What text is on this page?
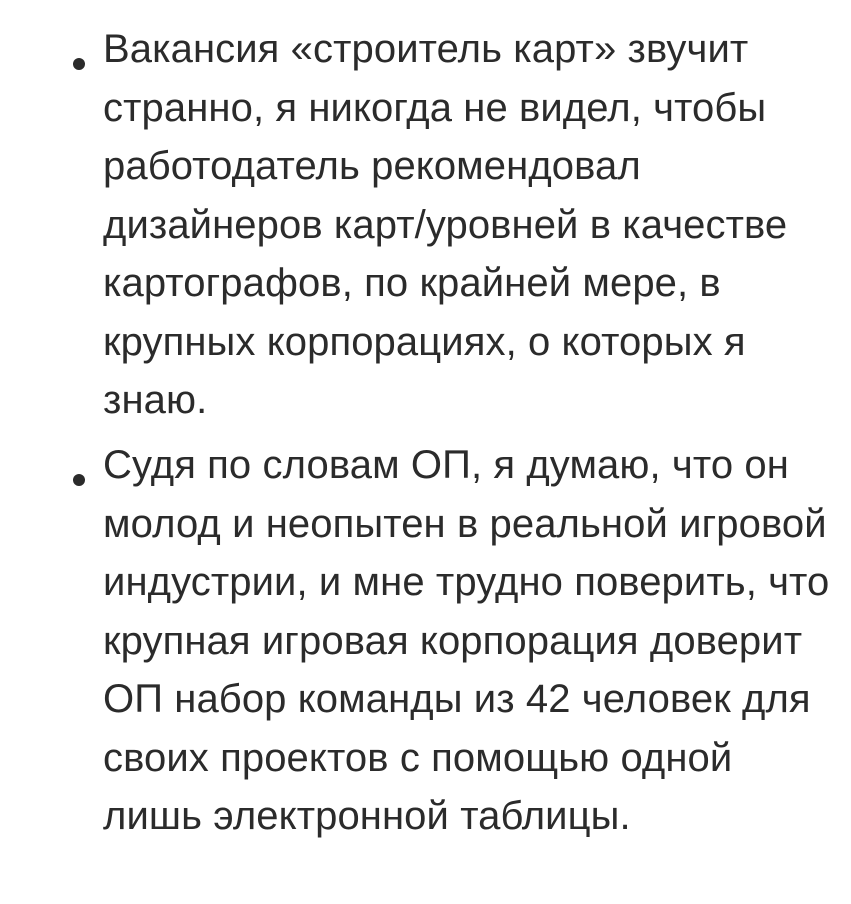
Вакансия «строитель карт» звучит странно, я никогда не видел, чтобы работодатель рекомендовал дизайнеров карт/уровней в качестве картографов, по крайней мере, в крупных корпорациях, о которых я знаю.

Судя по словам ОП, я думаю, что он молод и неопытен в реальной игровой индустрии, и мне трудно поверить, что крупная игровая корпорация доверит ОП набор команды из 42 человек для своих проектов с помощью одной лишь электронной таблицы.
